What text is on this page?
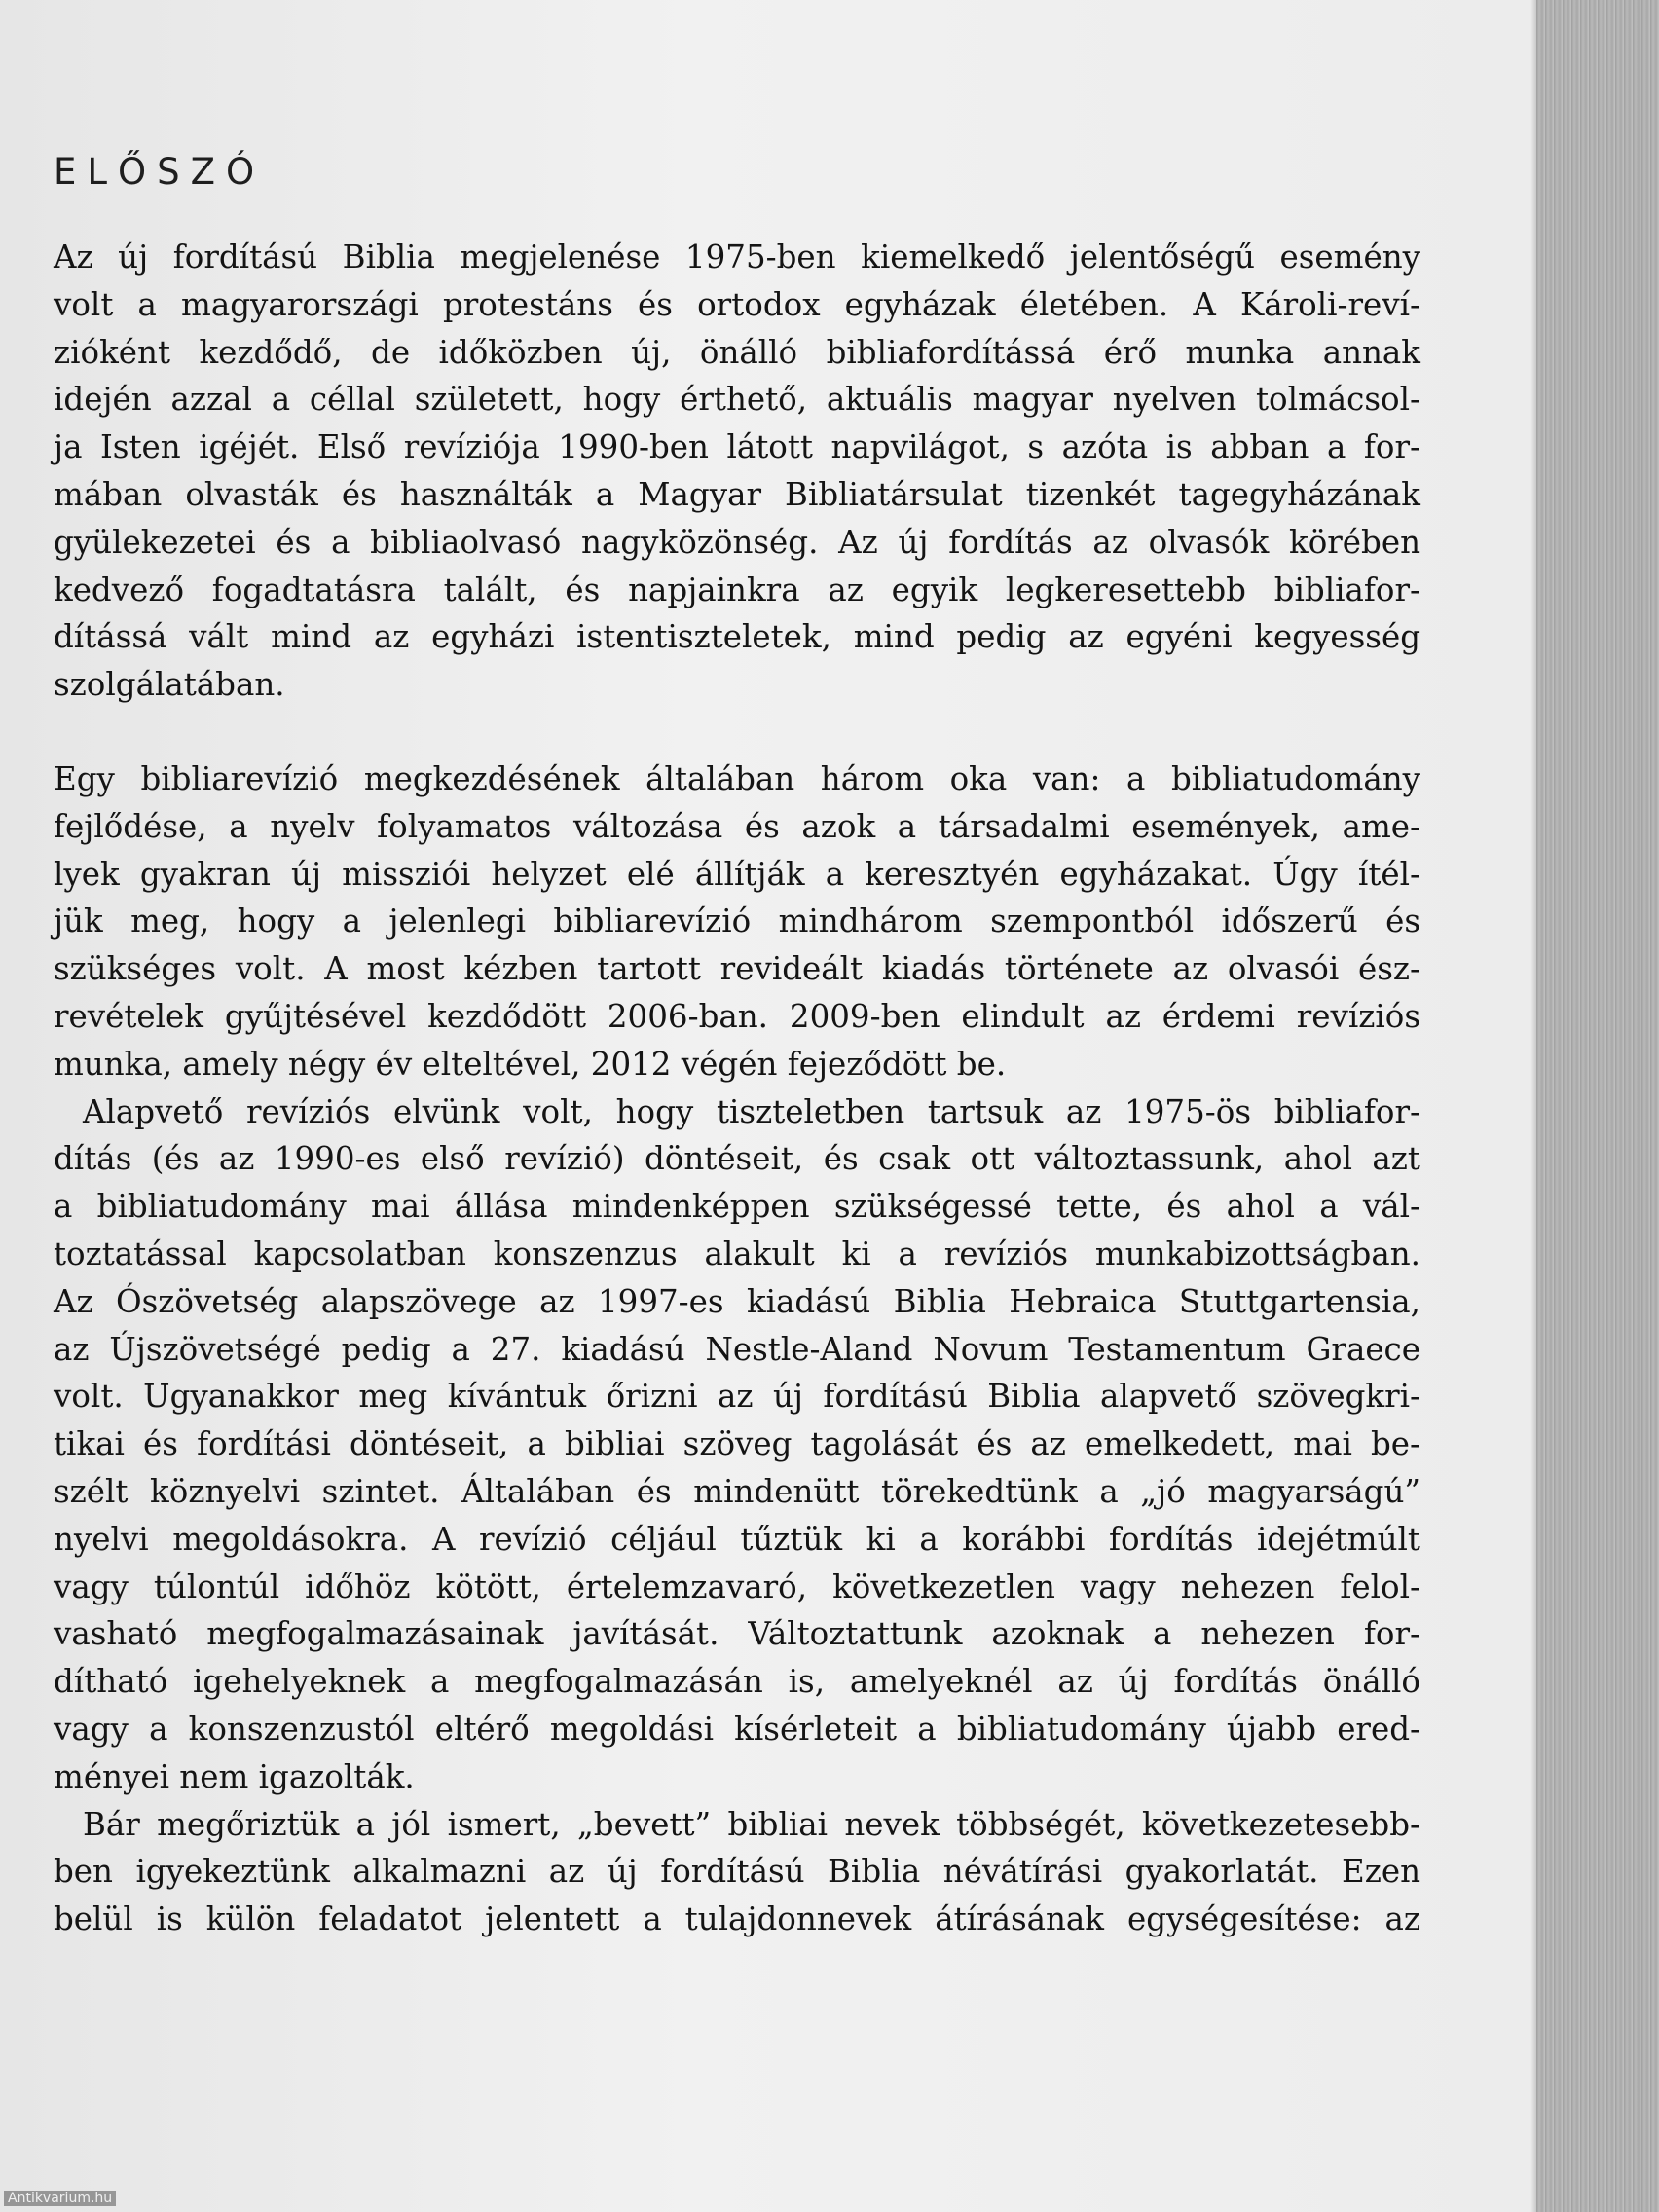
ELŐSZÓ
Az új fordítású Biblia megjelenése 1975-ben kiemelkedő jelentőségű esemény
volt a magyarországi protestáns és ortodox egyházak életében. A Károli-reví-
zióként kezdődő, de időközben új, önálló bibliafordítássá érő munka annak
idején azzal a céllal született, hogy érthető, aktuális magyar nyelven tolmácsol-
ja Isten igéjét. Első revíziója 1990-ben látott napvilágot, s azóta is abban a for-
mában olvasták és használták a Magyar Bibliatársulat tizenkét tagegyházának
gyülekezetei és a bibliaolvasó nagyközönség. Az új fordítás az olvasók körében
kedvező fogadtatásra talált, és napjainkra az egyik legkeresettebb bibliafor-
dítássá vált mind az egyházi istentiszteletek, mind pedig az egyéni kegyesség
szolgálatában.
Egy bibliarevízió megkezdésének általában három oka van: a bibliatudomány
fejlődése, a nyelv folyamatos változása és azok a társadalmi események, ame-
lyek gyakran új missziói helyzet elé állítják a keresztyén egyházakat. Úgy ítél-
jük meg, hogy a jelenlegi bibliarevízió mindhárom szempontból időszerű és
szükséges volt. A most kézben tartott revideált kiadás története az olvasói ész-
revételek gyűjtésével kezdődött 2006-ban. 2009-ben elindult az érdemi revíziós
munka, amely négy év elteltével, 2012 végén fejeződött be.
Alapvető revíziós elvünk volt, hogy tiszteletben tartsuk az 1975-ös bibliafor-
dítás (és az 1990-es első revízió) döntéseit, és csak ott változtassunk, ahol azt
a bibliatudomány mai állása mindenképpen szükségessé tette, és ahol a vál-
toztatással kapcsolatban konszenzus alakult ki a revíziós munkabizottságban.
Az Ószövetség alapszövege az 1997-es kiadású Biblia Hebraica Stuttgartensia,
az Újszövetségé pedig a 27. kiadású Nestle-Aland Novum Testamentum Graece
volt. Ugyanakkor meg kívántuk őrizni az új fordítású Biblia alapvető szövegkri-
tikai és fordítási döntéseit, a bibliai szöveg tagolását és az emelkedett, mai be-
szélt köznyelvi szintet. Általában és mindenütt törekedtünk a „jó magyarságú”
nyelvi megoldásokra. A revízió céljául tűztük ki a korábbi fordítás idejétmúlt
vagy túlontúl időhöz kötött, értelemzavaró, következetlen vagy nehezen felol-
vasható megfogalmazásainak javítását. Változtattunk azoknak a nehezen for-
dítható igehelyeknek a megfogalmazásán is, amelyeknél az új fordítás önálló
vagy a konszenzustól eltérő megoldási kísérleteit a bibliatudomány újabb ered-
ményei nem igazolták.
Bár megőriztük a jól ismert, „bevett” bibliai nevek többségét, következetesebb-
ben igyekeztünk alkalmazni az új fordítású Biblia névátírási gyakorlatát. Ezen
belül is külön feladatot jelentett a tulajdonnevek átírásának egységesítése: az
Antikvarium.hu
